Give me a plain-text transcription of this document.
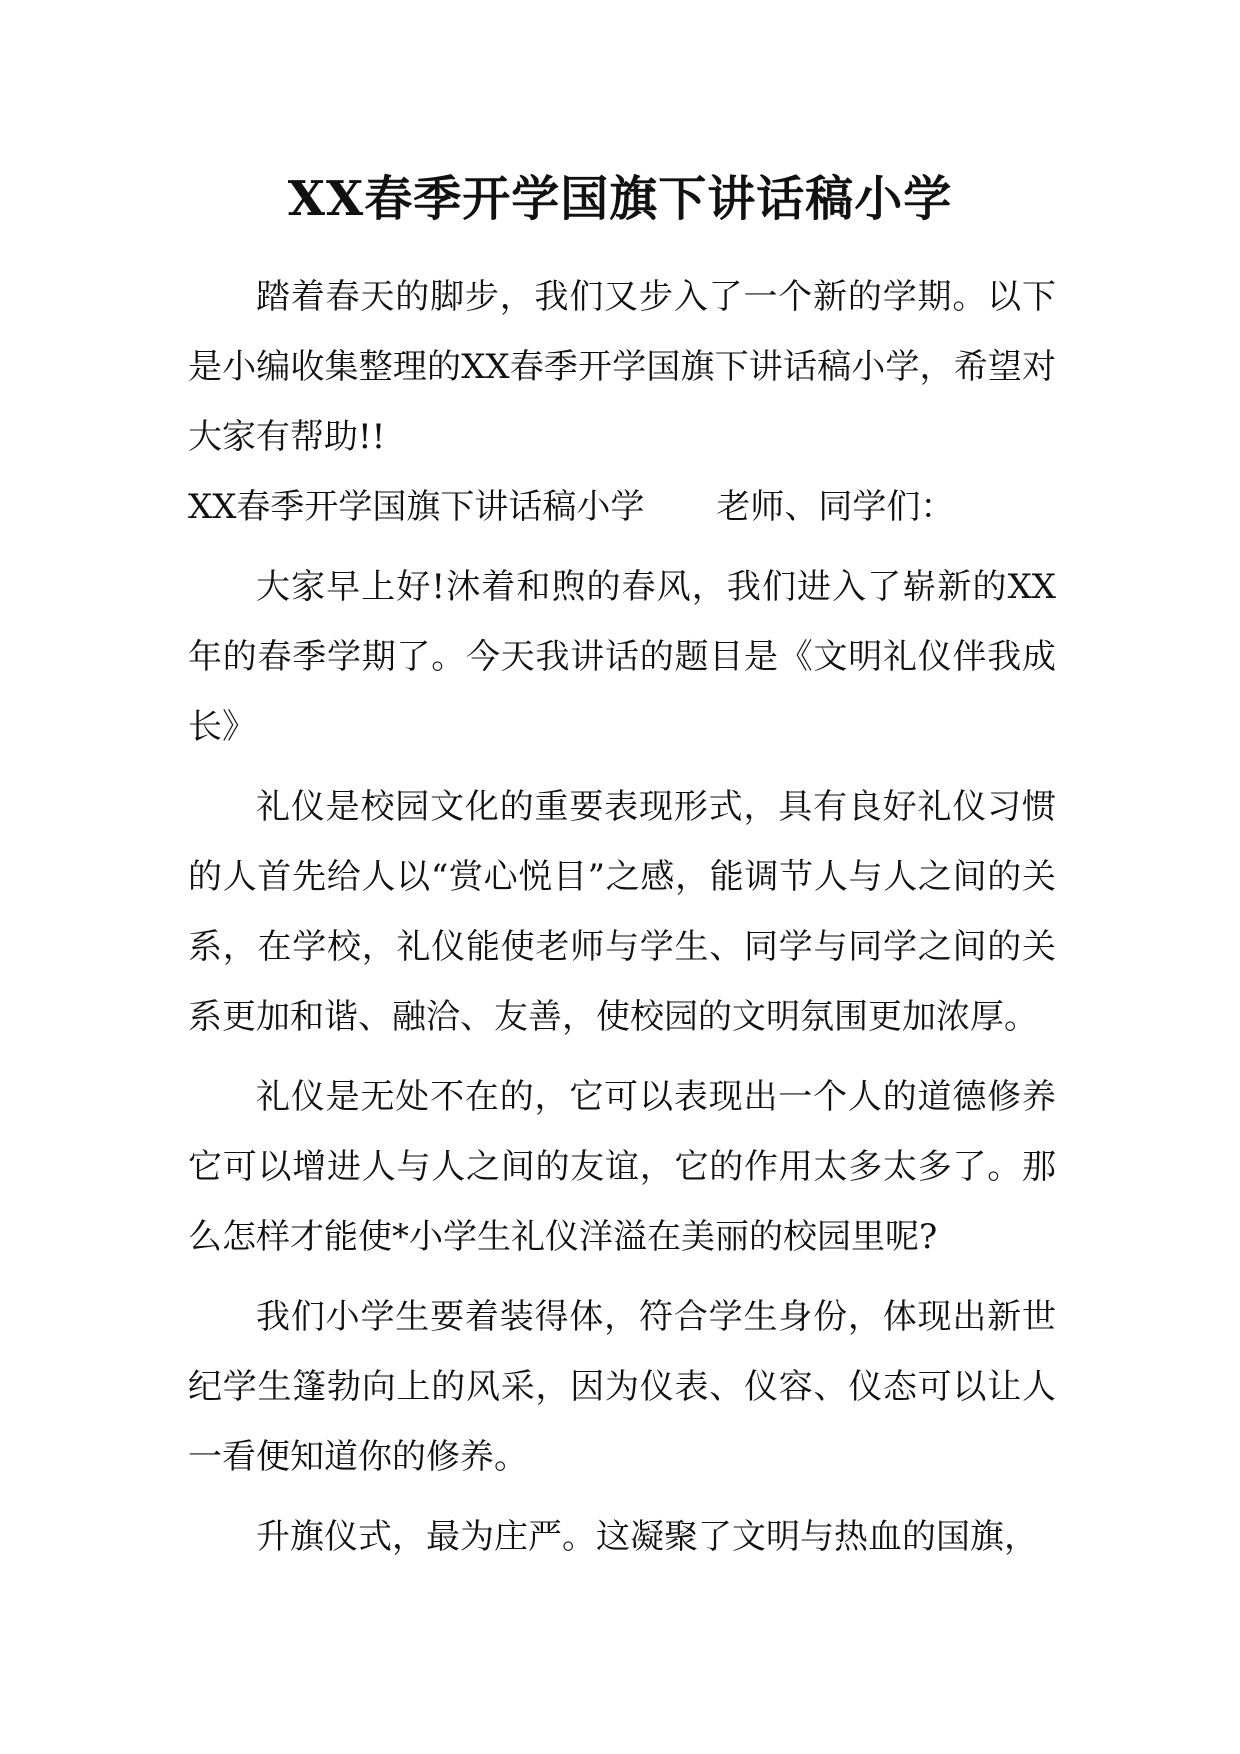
XX春季开学国旗下讲话稿小学

踏着春天的脚步，我们又步入了一个新的学期。以下是小编收集整理的XX春季开学国旗下讲话稿小学，希望对大家有帮助!!

XX春季开学国旗下讲话稿小学 老师、同学们：

大家早上好!沐着和煦的春风，我们进入了崭新的XX年的春季学期了。今天我讲话的题目是《文明礼仪伴我成长》

礼仪是校园文化的重要表现形式，具有良好礼仪习惯的人首先给人以“赏心悦目”之感，能调节人与人之间的关系，在学校，礼仪能使老师与学生、同学与同学之间的关系更加和谐、融洽、友善，使校园的文明氛围更加浓厚。

礼仪是无处不在的，它可以表现出一个人的道德修养它可以增进人与人之间的友谊，它的作用太多太多了。那么怎样才能使*小学生礼仪洋溢在美丽的校园里呢?

我们小学生要着装得体，符合学生身份，体现出新世纪学生篷勃向上的风采，因为仪表、仪容、仪态可以让人一看便知道你的修养。

升旗仪式，最为庄严。这凝聚了文明与热血的国旗，
